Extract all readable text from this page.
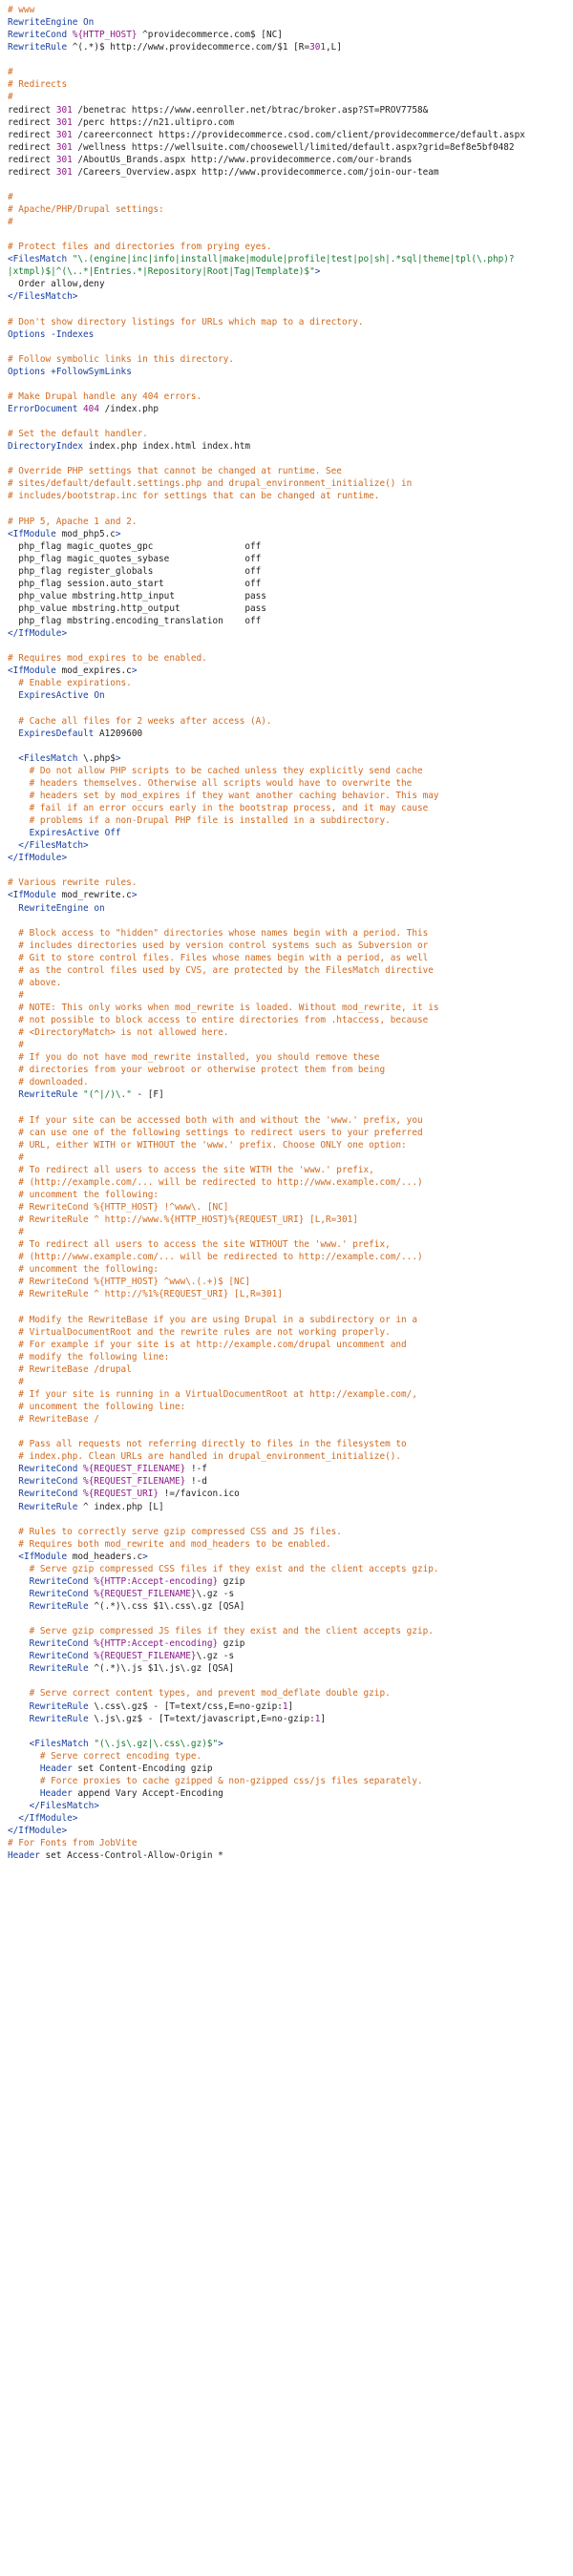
# www
RewriteEngine On
RewriteCond %{HTTP_HOST} ^providecommerce.com$ [NC]
RewriteRule ^(.*)$ http://www.providecommerce.com/$1 [R=301,L]
#
# Redirects
#
redirect 301 /benetrac https://www.eenroller.net/btrac/broker.asp?ST=PROV7758&
redirect 301 /perc https://n21.ultipro.com
redirect 301 /careerconnect https://providecommerce.csod.com/client/providecommerce/default.aspx
redirect 301 /wellness https://wellsuite.com/choosewell/limited/default.aspx?grid=8ef8e5bf0482
redirect 301 /AboutUs_Brands.aspx http://www.providecommerce.com/our-brands
redirect 301 /Careers_Overview.aspx http://www.providecommerce.com/join-our-team
#
# Apache/PHP/Drupal settings:
#
# Protect files and directories from prying eyes.
<FilesMatch "\.(engine|inc|info|install|make|module|profile|test|po|sh|.*sql|theme|tpl(\.php)?
|xtmpl)$|^(\..*|Entries.*|Repository|Root|Tag|Template)$">
Order allow,deny
</FilesMatch>
# Don't show directory listings for URLs which map to a directory.
Options -Indexes
# Follow symbolic links in this directory.
Options +FollowSymLinks
# Make Drupal handle any 404 errors.
ErrorDocument 404 /index.php
# Set the default handler.
DirectoryIndex index.php index.html index.htm
# Override PHP settings that cannot be changed at runtime. See
# sites/default/default.settings.php and drupal_environment_initialize() in
# includes/bootstrap.inc for settings that can be changed at runtime.
# PHP 5, Apache 1 and 2.
<IfModule mod_php5.c>
php_flag magic_quotes_gpc                 off
php_flag magic_quotes_sybase              off
php_flag register_globals                 off
php_flag session.auto_start               off
php_value mbstring.http_input             pass
php_value mbstring.http_output            pass
php_flag mbstring.encoding_translation    off
</IfModule>
# Requires mod_expires to be enabled.
<IfModule mod_expires.c>
# Enable expirations.
ExpiresActive On
# Cache all files for 2 weeks after access (A).
ExpiresDefault A1209600
<FilesMatch \.php$>
# Do not allow PHP scripts to be cached unless they explicitly send cache
# headers themselves. Otherwise all scripts would have to overwrite the
# headers set by mod_expires if they want another caching behavior. This may
# fail if an error occurs early in the bootstrap process, and it may cause
# problems if a non-Drupal PHP file is installed in a subdirectory.
ExpiresActive Off
</FilesMatch>
</IfModule>
# Various rewrite rules.
<IfModule mod_rewrite.c>
RewriteEngine on
# Block access to "hidden" directories whose names begin with a period. This
# includes directories used by version control systems such as Subversion or
# Git to store control files. Files whose names begin with a period, as well
# as the control files used by CVS, are protected by the FilesMatch directive
# above.
#
# NOTE: This only works when mod_rewrite is loaded. Without mod_rewrite, it is
# not possible to block access to entire directories from .htaccess, because
# <DirectoryMatch> is not allowed here.
#
# If you do not have mod_rewrite installed, you should remove these
# directories from your webroot or otherwise protect them from being
# downloaded.
RewriteRule "(^|/)\." - [F]
# If your site can be accessed both with and without the 'www.' prefix, you
# can use one of the following settings to redirect users to your preferred
# URL, either WITH or WITHOUT the 'www.' prefix. Choose ONLY one option:
#
# To redirect all users to access the site WITH the 'www.' prefix,
# (http://example.com/... will be redirected to http://www.example.com/...)
# uncomment the following:
# RewriteCond %{HTTP_HOST} !^www\. [NC]
# RewriteRule ^ http://www.%{HTTP_HOST}%{REQUEST_URI} [L,R=301]
#
# To redirect all users to access the site WITHOUT the 'www.' prefix,
# (http://www.example.com/... will be redirected to http://example.com/...)
# uncomment the following:
# RewriteCond %{HTTP_HOST} ^www\.(.+)$ [NC]
# RewriteRule ^ http://%1%{REQUEST_URI} [L,R=301]
# Modify the RewriteBase if you are using Drupal in a subdirectory or in a
# VirtualDocumentRoot and the rewrite rules are not working properly.
# For example if your site is at http://example.com/drupal uncomment and
# modify the following line:
# RewriteBase /drupal
#
# If your site is running in a VirtualDocumentRoot at http://example.com/,
# uncomment the following line:
# RewriteBase /
# Pass all requests not referring directly to files in the filesystem to
# index.php. Clean URLs are handled in drupal_environment_initialize().
RewriteCond %{REQUEST_FILENAME} !-f
RewriteCond %{REQUEST_FILENAME} !-d
RewriteCond %{REQUEST_URI} !=/favicon.ico
RewriteRule ^ index.php [L]
# Rules to correctly serve gzip compressed CSS and JS files.
# Requires both mod_rewrite and mod_headers to be enabled.
<IfModule mod_headers.c>
# Serve gzip compressed CSS files if they exist and the client accepts gzip.
RewriteCond %{HTTP:Accept-encoding} gzip
RewriteCond %{REQUEST_FILENAME}\.gz -s
RewriteRule ^(.*)\.css $1\.css\.gz [QSA]
# Serve gzip compressed JS files if they exist and the client accepts gzip.
RewriteCond %{HTTP:Accept-encoding} gzip
RewriteCond %{REQUEST_FILENAME}\.gz -s
RewriteRule ^(.*)\.js $1\.js\.gz [QSA]
# Serve correct content types, and prevent mod_deflate double gzip.
RewriteRule \.css\.gz$ - [T=text/css,E=no-gzip:1]
RewriteRule \.js\.gz$ - [T=text/javascript,E=no-gzip:1]
<FilesMatch "(\.js\.gz|\.css\.gz)$">
# Serve correct encoding type.
Header set Content-Encoding gzip
# Force proxies to cache gzipped & non-gzipped css/js files separately.
Header append Vary Accept-Encoding
</FilesMatch>
</IfModule>
</IfModule>
# For Fonts from JobVite
Header set Access-Control-Allow-Origin *
